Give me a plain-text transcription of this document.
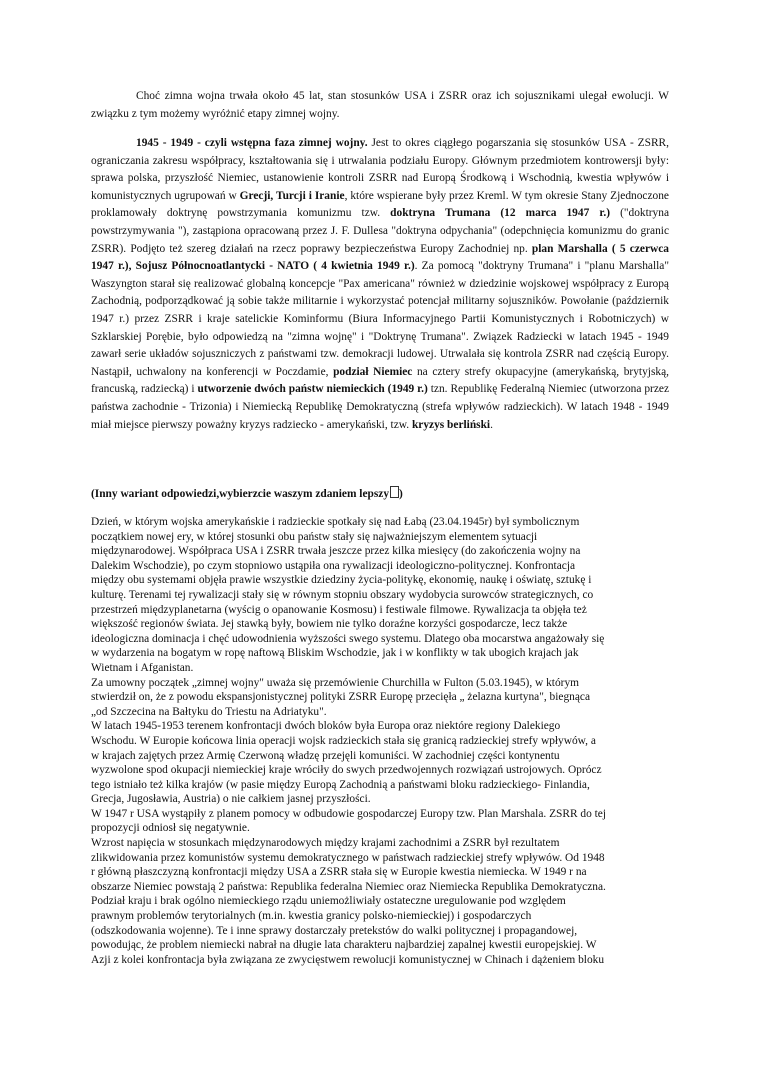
Choć zimna wojna trwała około 45 lat, stan stosunków USA i ZSRR oraz ich sojusznikami ulegał ewolucji. W związku z tym możemy wyróżnić etapy zimnej wojny.
1945 - 1949 - czyli wstępna faza zimnej wojny. Jest to okres ciągłego pogarszania się stosunków USA - ZSRR, ograniczania zakresu współpracy, kształtowania się i utrwalania podziału Europy. Głównym przedmiotem kontrowersji były: sprawa polska, przyszłość Niemiec, ustanowienie kontroli ZSRR nad Europą Środkową i Wschodnią, kwestia wpływów i komunistycznych ugrupowań w Grecji, Turcji i Iranie, które wspierane były przez Kreml. W tym okresie Stany Zjednoczone proklamowały doktrynę powstrzymania komunizmu tzw. doktryna Trumana (12 marca 1947 r.) ("doktryna powstrzymywania "), zastąpiona opracowaną przez J. F. Dullesa "doktryna odpychania" (odepchnięcia komunizmu do granic ZSRR). Podjęto też szereg działań na rzecz poprawy bezpieczeństwa Europy Zachodniej np. plan Marshalla ( 5 czerwca 1947 r.), Sojusz Północnoatlantycki - NATO ( 4 kwietnia 1949 r.). Za pomocą "doktryny Trumana" i "planu Marshalla" Waszyngton starał się realizować globalną koncepcje "Pax americana" również w dziedzinie wojskowej współpracy z Europą Zachodnią, podporządkować ją sobie także militarnie i wykorzystać potencjał militarny sojuszników. Powołanie (październik 1947 r.) przez ZSRR i kraje satelickie Kominformu (Biura Informacyjnego Partii Komunistycznych i Robotniczych) w Szklarskiej Porębie, było odpowiedzą na "zimna wojnę" i "Doktrynę Trumana". Związek Radziecki w latach 1945 - 1949 zawarł serie układów sojuszniczych z państwami tzw. demokracji ludowej. Utrwalała się kontrola ZSRR nad częścią Europy. Nastąpił, uchwalony na konferencji w Poczdamie, podział Niemiec na cztery strefy okupacyjne (amerykańską, brytyjską, francuską, radziecką) i utworzenie dwóch państw niemieckich (1949 r.) tzn. Republikę Federalną Niemiec (utworzona przez państwa zachodnie - Trizonia) i Niemiecką Republikę Demokratyczną (strefa wpływów radzieckich). W latach 1948 - 1949 miał miejsce pierwszy poważny kryzys radziecko - amerykański, tzw. kryzys berliński.
(Inny wariant odpowiedzi,wybierzcie waszym zdaniem lepszy )

Dzień, w którym wojska amerykańskie i radzieckie spotkały się nad Łabą (23.04.1945r) był symbolicznym

początkiem nowej ery, w której stosunki obu państw stały się najważniejszym elementem sytuacji

międzynarodowej. Współpraca USA i ZSRR trwała jeszcze przez kilka miesięcy (do zakończenia wojny na

Dalekim Wschodzie), po czym stopniowo ustąpiła ona rywalizacji ideologiczno-politycznej. Konfrontacja

między obu systemami objęła prawie wszystkie dziedziny życia-politykę, ekonomię, naukę i oświatę, sztukę i

kulturę. Terenami tej rywalizacji stały się w równym stopniu obszary wydobycia surowców strategicznych, co

przestrzeń międzyplanetarna (wyścig o opanowanie Kosmosu) i festiwale filmowe. Rywalizacja ta objęła też

większość regionów świata. Jej stawką były, bowiem nie tylko doraźne korzyści gospodarcze, lecz także

ideologiczna dominacja i chęć udowodnienia wyższości swego systemu. Dlatego oba mocarstwa angażowały się

w wydarzenia na bogatym w ropę naftową Bliskim Wschodzie, jak i w konflikty w tak ubogich krajach jak

Wietnam i Afganistan.

Za umowny początek „zimnej wojny" uważa się przemówienie Churchilla w Fulton (5.03.1945), w którym

stwierdził on, że z powodu ekspansjonistycznej polityki ZSRR Europę przecięła „ żelazna kurtyna", biegnąca

„od Szczecina na Bałtyku do Triestu na Adriatyku".

W latach 1945-1953 terenem konfrontacji dwóch bloków była Europa oraz niektóre regiony Dalekiego

Wschodu. W Europie końcowa linia operacji wojsk radzieckich stała się granicą radzieckiej strefy wpływów, a

w krajach zajętych przez Armię Czerwoną władzę przejęli komuniści. W zachodniej części kontynentu

wyzwolone spod okupacji niemieckiej kraje wróciły do swych przedwojennych rozwiązań ustrojowych. Oprócz

tego istniało też kilka krajów (w pasie między Europą Zachodnią a państwami bloku radzieckiego- Finlandia,

Grecja, Jugosławia, Austria) o nie całkiem jasnej przyszłości.

W 1947 r USA wystąpiły z planem pomocy w odbudowie gospodarczej Europy tzw. Plan Marshala. ZSRR do tej

propozycji odniosł się negatywnie.

Wzrost napięcia w stosunkach międzynarodowych między krajami zachodnimi a ZSRR był rezultatem

zlikwidowania przez komunistów systemu demokratycznego w państwach radzieckiej strefy wpływów. Od 1948

r główną płaszczyzną konfrontacji między USA a ZSRR stała się w Europie kwestia niemiecka. W 1949 r na

obszarze Niemiec powstają 2 państwa: Republika federalna Niemiec oraz Niemiecka Republika Demokratyczna.

Podział kraju i brak ogólno niemieckiego rządu uniemożliwiały ostateczne uregulowanie pod względem

prawnym problemów terytorialnych (m.in. kwestia granicy polsko-niemieckiej) i gospodarczych

(odszkodowania wojenne). Te i inne sprawy dostarczały pretekstów do walki politycznej i propagandowej,

powodując, że problem niemiecki nabrał na długie lata charakteru najbardziej zapalnej kwestii europejskiej. W

Azji z kolei konfrontacja była związana ze zwycięstwem rewolucji komunistycznej w Chinach i dążeniem bloku
